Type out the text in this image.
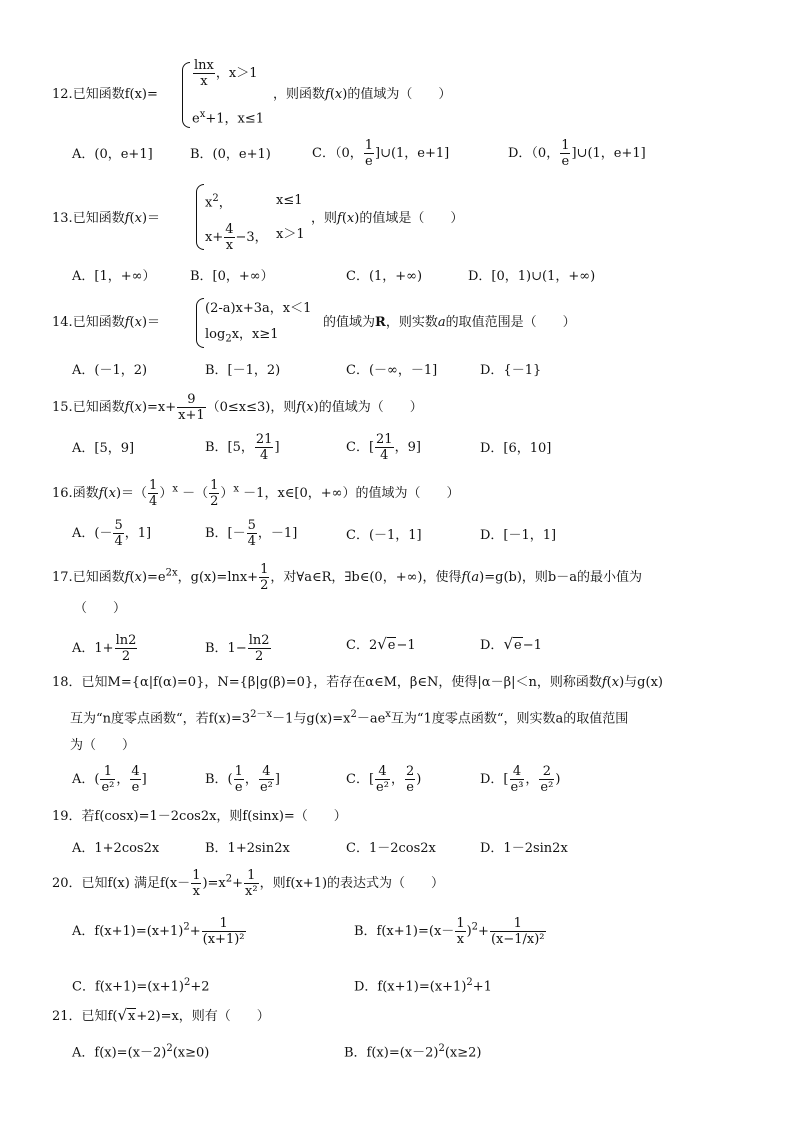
12.已知函数f(x)=
$\frac{\ln x}{x}$ ，x＞1
$e^x+1$，x≤1
，则函数f(x)的值域为（　　）
A．(0，e+1]	B．(0，e+1)	C．（0， $\frac{1}{e}$ ]∪(1，e+1]	D．（0， $\frac{1}{e}$ ]∪(1，e+1]
13.已知函数f(x)＝
$x^2$，	x≤1
$x+ \frac{4}{x} -3$， x＞1
，则f(x)的值域是（　　）
A．[1，+∞）	B．[0，+∞）	C．(1，+∞)	D．[0，1)∪(1，+∞)
14.已知函数f(x)＝
(2-a)x+3a，x＜1
$\log_2x$，x≥1
的值域为R，则实数a的取值范围是（　　）
A．(－1，2)	B．[－1，2)	C．(－∞，－1]	D．{－1}
15.已知函数$f(x)=x+ \frac{9}{x+1} (0\le x\le 3)$，则f(x)的值域为（　　）
A．[5，9]	B．[5， $\frac{21}{4}$ ]	C．[ $\frac{21}{4}$ ，9]	D．[6，10]
16.函数$f(x)=( \frac{1}{4} )^x$ －（ $\frac{1}{2} )^x -1$，x∈[0，+∞）的值域为（　　）
A．(－ $\frac{5}{4}$ ，1]	B．[－ $\frac{5}{4}$ ，－1]	C．(－1，1]	D．[－1，1]
17.已知函数$f(x)=e^{2x}$，$g(x)=\ln x+ \frac{1}{2}$ ，对∀a∈R，∃b∈(0，+∞)，使得f(a)=g(b)，则b－a的最小值为
（　　）
A．$1+ \frac{\ln 2}{2}$	B．$1- \frac{\ln 2}{2}$	C．2√e−1	D．√e−1
18．已知M={α|f(α)=0}，N={β|g(β)=0}，若存在α∈M，β∈N，使得|α－β|＜n，则称函数f(x)与g(x)
互为“n度零点函数“，若$f(x)=3^{2-x}-1$与$g(x)=x^2-ae^x$互为“1度零点函数“，则实数a的取值范围
为（　　）
A．( $\frac{1}{\text{e²}}$ ， $\frac{4}{e}$ ]	B．( $\frac{1}{e}$ ， $\frac{4}{\text{e²}}$ ]	C．[ $\frac{4}{\text{e²}}$ ， $\frac{2}{e}$ )	D．[ $\frac{4}{\text{e³}}$ ， $\frac{2}{\text{e²}}$ )
19．若f(cosx)=1－2cos2x，则f(sinx)=（　　）
A．1+2cos2x	B．1+2sin2x	C．1－2cos2x	D．1－2sin2x
20．已知f(x) 满足$f(x- \frac{1}{x} )=x^2+ \frac{1}{\text{x²}}$ ，则f(x+1)的表达式为（　　）
A．$f(x+1)=(x+1)^2+ \frac{1}{\text{(x+1)²}}$	B．$f(x+1)=(x- \frac{1}{x} )^2+ \frac{1}{\text{(x−1/x)²}}$
C．$f(x+1)=(x+1)^2+2$	D．$f(x+1)=(x+1)^2+1$
21．已知f(√x+2)=x，则有（　　）
A．$f(x)=(x-2)^2(x\ge 0)$	B．$f(x)=(x-2)^2(x\ge 2)$
